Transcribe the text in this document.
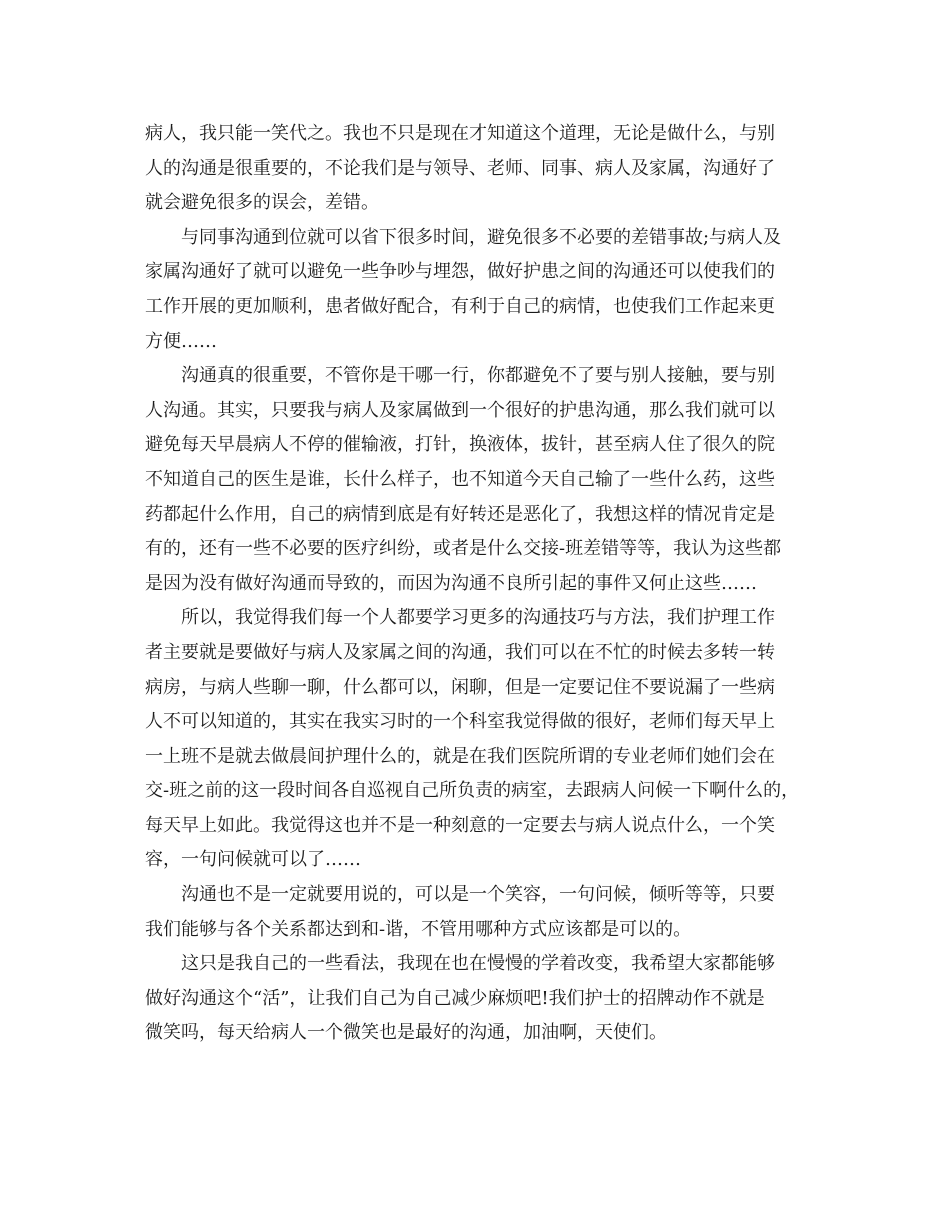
病人，我只能一笑代之。我也不只是现在才知道这个道理，无论是做什么，与别
人的沟通是很重要的，不论我们是与领导、老师、同事、病人及家属，沟通好了
就会避免很多的误会，差错。
与同事沟通到位就可以省下很多时间，避免很多不必要的差错事故;与病人及
家属沟通好了就可以避免一些争吵与埋怨，做好护患之间的沟通还可以使我们的
工作开展的更加顺利，患者做好配合，有利于自己的病情，也使我们工作起来更
方便……
沟通真的很重要，不管你是干哪一行，你都避免不了要与别人接触，要与别
人沟通。其实，只要我与病人及家属做到一个很好的护患沟通，那么我们就可以
避免每天早晨病人不停的催输液，打针，换液体，拔针，甚至病人住了很久的院
不知道自己的医生是谁，长什么样子，也不知道今天自己输了一些什么药，这些
药都起什么作用，自己的病情到底是有好转还是恶化了，我想这样的情况肯定是
有的，还有一些不必要的医疗纠纷，或者是什么交接-班差错等等，我认为这些都
是因为没有做好沟通而导致的，而因为沟通不良所引起的事件又何止这些……
所以，我觉得我们每一个人都要学习更多的沟通技巧与方法，我们护理工作
者主要就是要做好与病人及家属之间的沟通，我们可以在不忙的时候去多转一转
病房，与病人些聊一聊，什么都可以，闲聊，但是一定要记住不要说漏了一些病
人不可以知道的，其实在我实习时的一个科室我觉得做的很好，老师们每天早上
一上班不是就去做晨间护理什么的，就是在我们医院所谓的专业老师们她们会在
交-班之前的这一段时间各自巡视自己所负责的病室，去跟病人问候一下啊什么的，
每天早上如此。我觉得这也并不是一种刻意的一定要去与病人说点什么，一个笑
容，一句问候就可以了……
沟通也不是一定就要用说的，可以是一个笑容，一句问候，倾听等等，只要
我们能够与各个关系都达到和-谐，不管用哪种方式应该都是可以的。
这只是我自己的一些看法，我现在也在慢慢的学着改变，我希望大家都能够
做好沟通这个“活”，让我们自己为自己减少麻烦吧!我们护士的招牌动作不就是
微笑吗，每天给病人一个微笑也是最好的沟通，加油啊，天使们。
